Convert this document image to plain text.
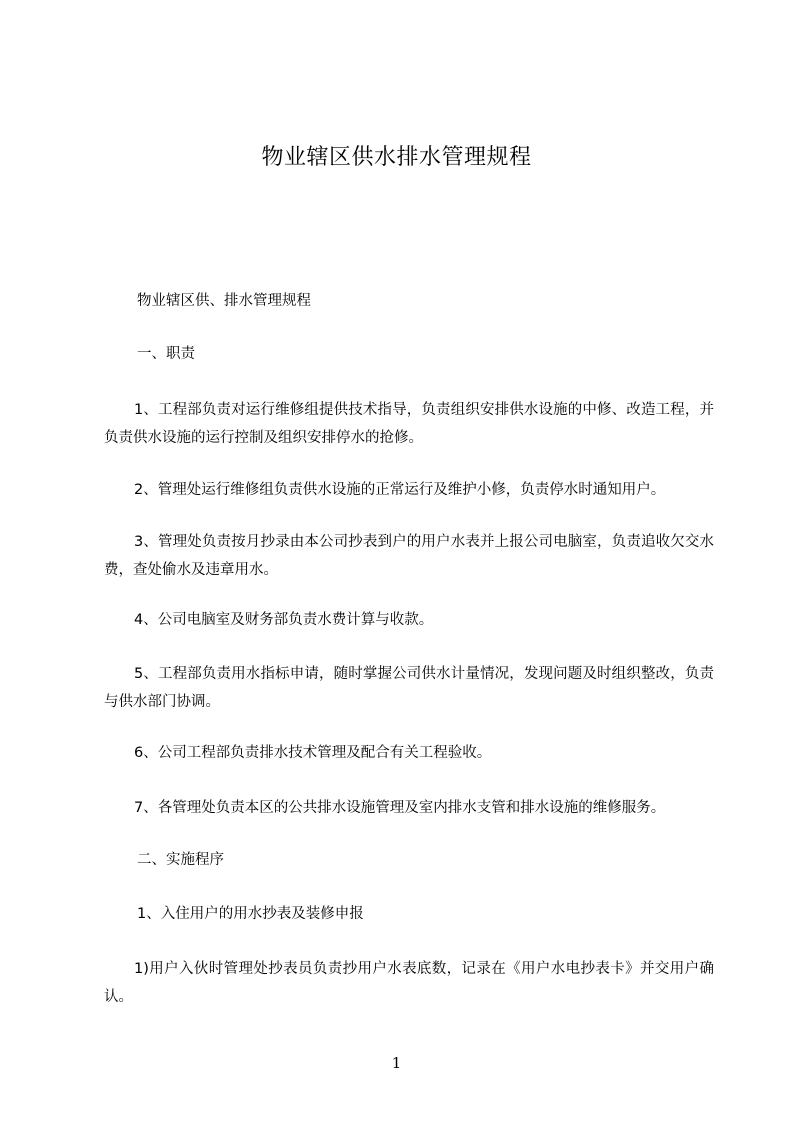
物业辖区供水排水管理规程
物业辖区供、排水管理规程
一、职责
1、工程部负责对运行维修组提供技术指导，负责组织安排供水设施的中修、改造工程，并负责供水设施的运行控制及组织安排停水的抢修。
2、管理处运行维修组负责供水设施的正常运行及维护小修，负责停水时通知用户。
3、管理处负责按月抄录由本公司抄表到户的用户水表并上报公司电脑室，负责追收欠交水费，查处偷水及违章用水。
4、公司电脑室及财务部负责水费计算与收款。
5、工程部负责用水指标申请，随时掌握公司供水计量情况，发现问题及时组织整改，负责与供水部门协调。
6、公司工程部负责排水技术管理及配合有关工程验收。
7、各管理处负责本区的公共排水设施管理及室内排水支管和排水设施的维修服务。
二、实施程序
1、入住用户的用水抄表及装修申报
1)用户入伙时管理处抄表员负责抄用户水表底数，记录在《用户水电抄表卡》并交用户确认。
1
